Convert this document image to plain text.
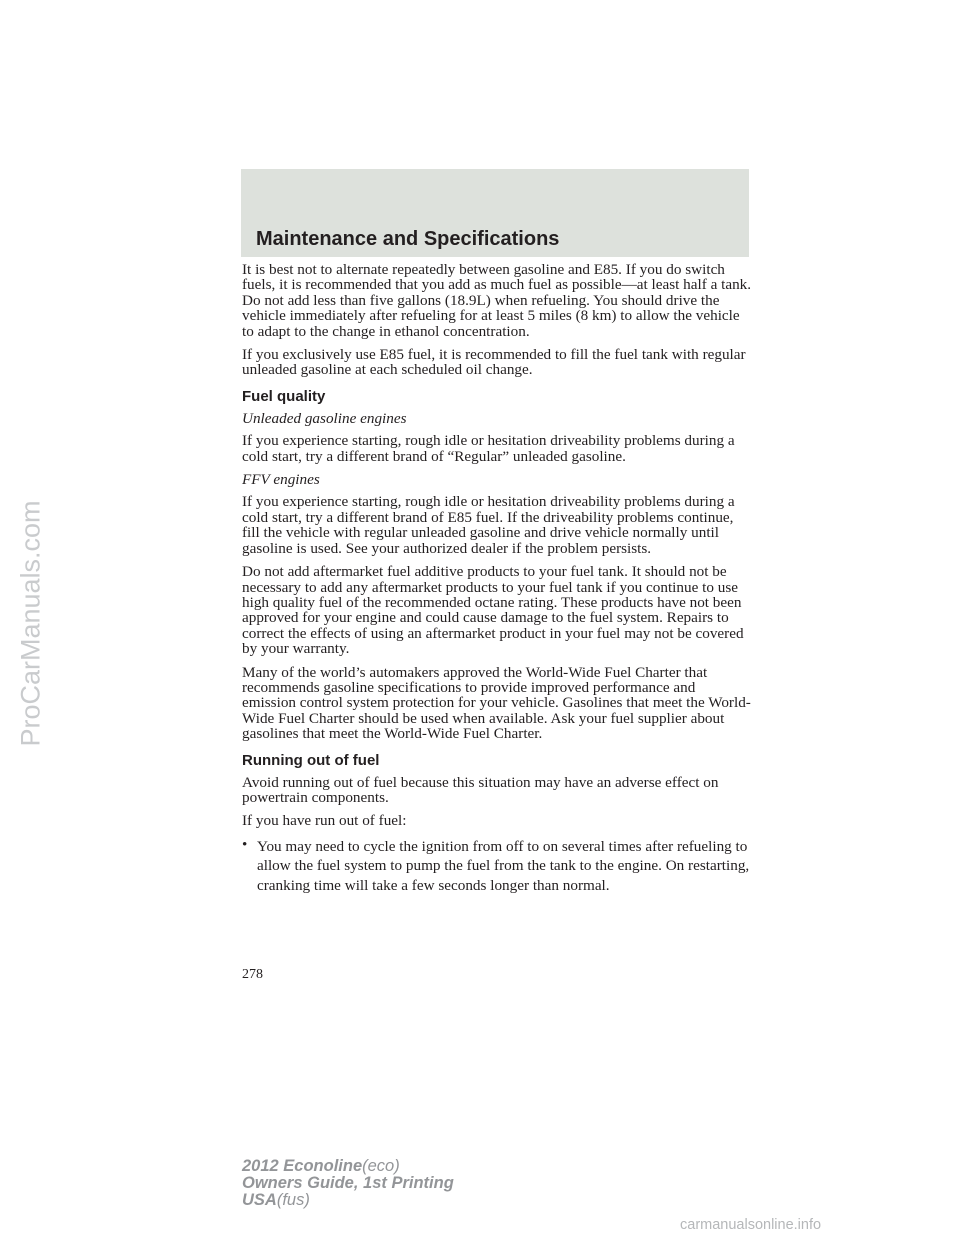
Maintenance and Specifications

It is best not to alternate repeatedly between gasoline and E85. If you do switch fuels, it is recommended that you add as much fuel as possible—at least half a tank. Do not add less than five gallons (18.9L) when refueling. You should drive the vehicle immediately after refueling for at least 5 miles (8 km) to allow the vehicle to adapt to the change in ethanol concentration.

If you exclusively use E85 fuel, it is recommended to fill the fuel tank with regular unleaded gasoline at each scheduled oil change.

Fuel quality

Unleaded gasoline engines

If you experience starting, rough idle or hesitation driveability problems during a cold start, try a different brand of “Regular” unleaded gasoline.

FFV engines

If you experience starting, rough idle or hesitation driveability problems during a cold start, try a different brand of E85 fuel. If the driveability problems continue, fill the vehicle with regular unleaded gasoline and drive vehicle normally until gasoline is used. See your authorized dealer if the problem persists.

Do not add aftermarket fuel additive products to your fuel tank. It should not be necessary to add any aftermarket products to your fuel tank if you continue to use high quality fuel of the recommended octane rating. These products have not been approved for your engine and could cause damage to the fuel system. Repairs to correct the effects of using an aftermarket product in your fuel may not be covered by your warranty.

Many of the world’s automakers approved the World-Wide Fuel Charter that recommends gasoline specifications to provide improved performance and emission control system protection for your vehicle. Gasolines that meet the World-Wide Fuel Charter should be used when available. Ask your fuel supplier about gasolines that meet the World-Wide Fuel Charter.

Running out of fuel

Avoid running out of fuel because this situation may have an adverse effect on powertrain components.

If you have run out of fuel:

• You may need to cycle the ignition from off to on several times after refueling to allow the fuel system to pump the fuel from the tank to the engine. On restarting, cranking time will take a few seconds longer than normal.
278
2012 Econoline(eco)
Owners Guide, 1st Printing
USA(fus)
ProCarManuals.com
carmanualsonline.info
